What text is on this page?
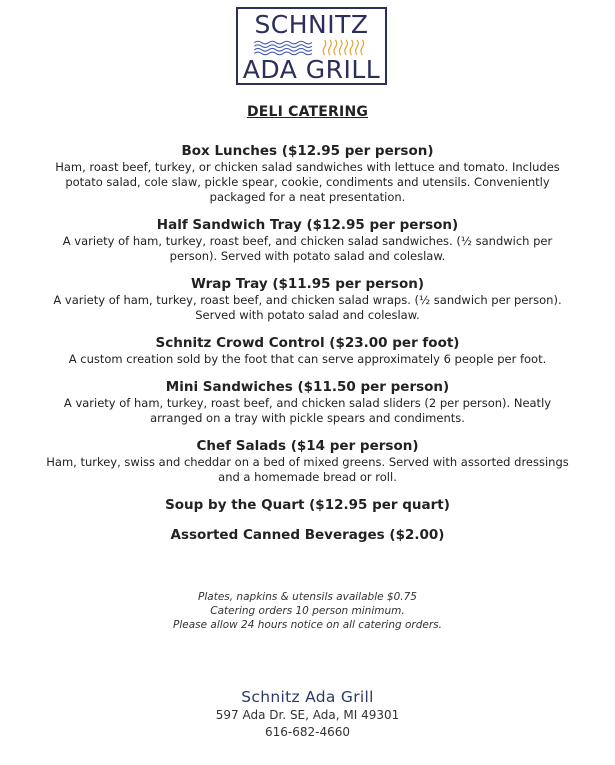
SCHNITZ
ADA GRILL
DELI CATERING
Box Lunches ($12.95 per person)
Ham, roast beef, turkey, or chicken salad sandwiches with lettuce and tomato. Includes potato salad, cole slaw, pickle spear, cookie, condiments and utensils. Conveniently packaged for a neat presentation.
Half Sandwich Tray ($12.95 per person)
A variety of ham, turkey, roast beef, and chicken salad sandwiches. (½ sandwich per person). Served with potato salad and coleslaw.
Wrap Tray ($11.95 per person)
A variety of ham, turkey, roast beef, and chicken salad wraps. (½ sandwich per person). Served with potato salad and coleslaw.
Schnitz Crowd Control ($23.00 per foot)
A custom creation sold by the foot that can serve approximately 6 people per foot.
Mini Sandwiches ($11.50 per person)
A variety of ham, turkey, roast beef, and chicken salad sliders (2 per person). Neatly arranged on a tray with pickle spears and condiments.
Chef Salads ($14 per person)
Ham, turkey, swiss and cheddar on a bed of mixed greens. Served with assorted dressings and a homemade bread or roll.
Soup by the Quart ($12.95 per quart)
Assorted Canned Beverages ($2.00)
Plates, napkins & utensils available $0.75
Catering orders 10 person minimum.
Please allow 24 hours notice on all catering orders.
Schnitz Ada Grill
597 Ada Dr. SE, Ada, MI 49301
616-682-4660
